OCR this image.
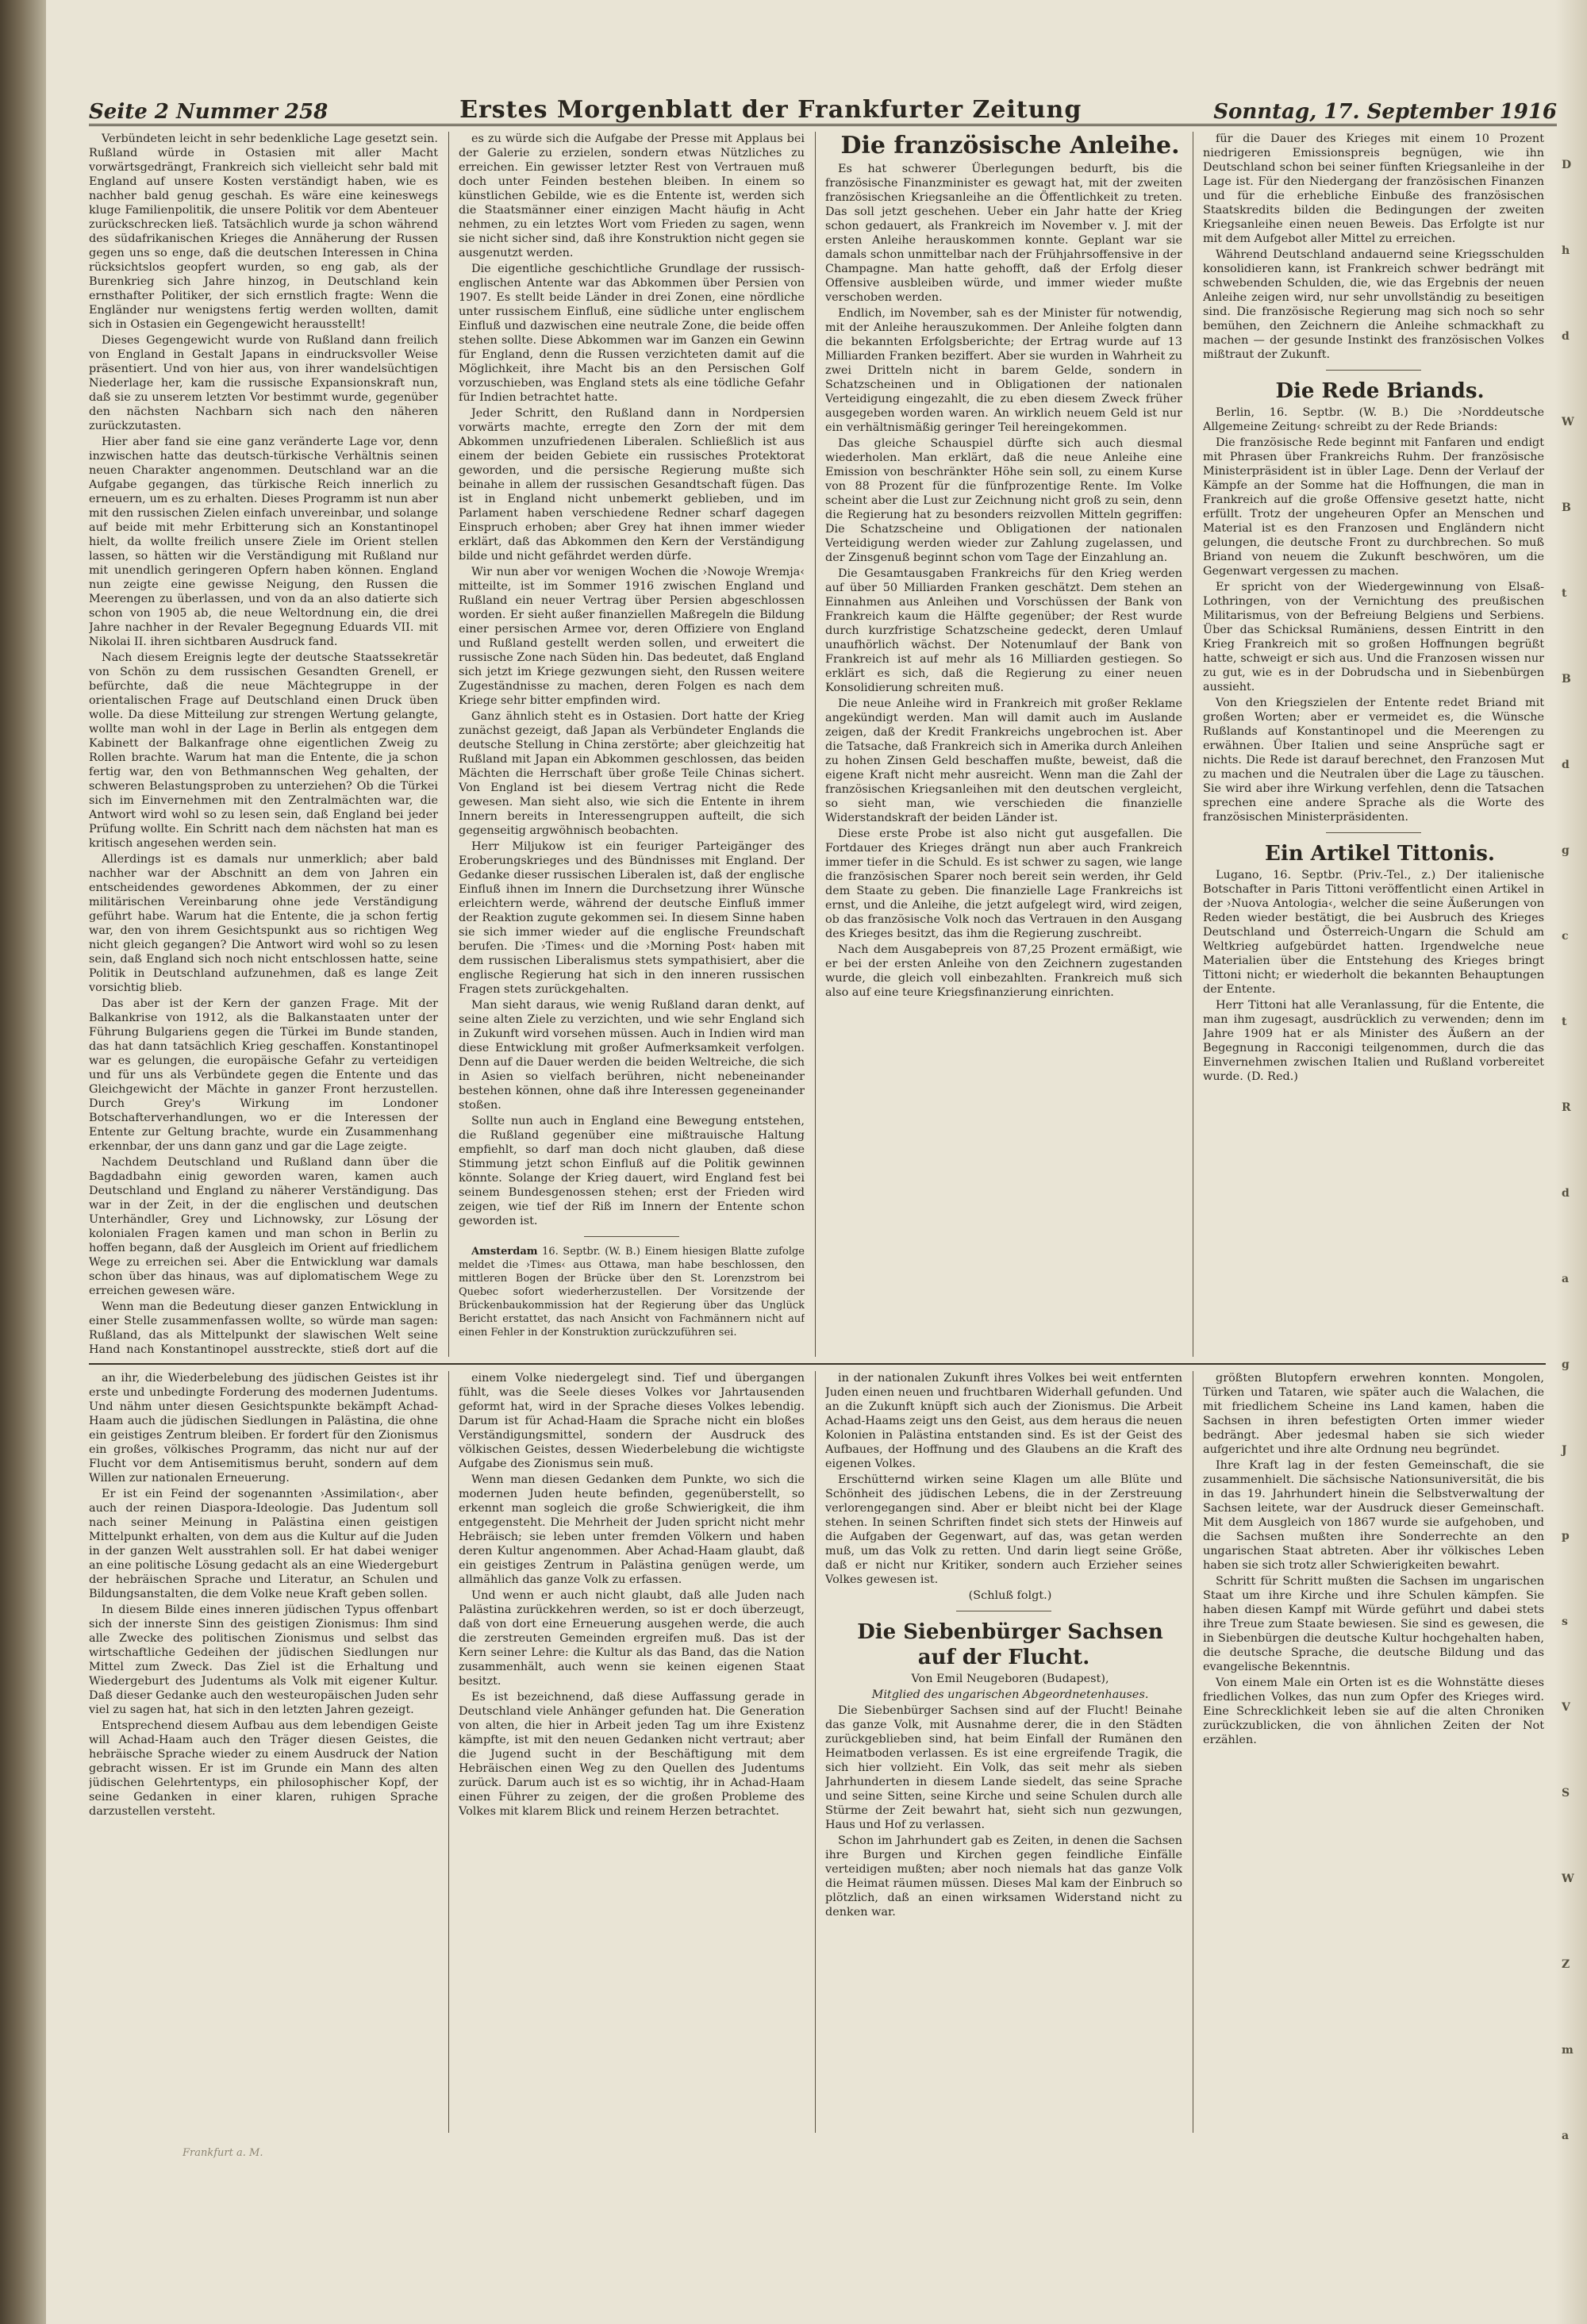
Seite 2 Nummer 258	Erstes Morgenblatt der Frankfurter Zeitung	Sonntag, 17. September 1916

Verbündeten leicht in sehr bedenkliche Lage gesetzt sein. Rußland würde in Ostasien mit aller Macht vorwärtsgedrängt, Frankreich sich vielleicht sehr bald mit England auf unsere Kosten verständigt haben, wie es nachher bald genug geschah. Es wäre eine keineswegs kluge Familienpolitik, die unsere Politik vor dem Abenteuer zurückschrecken ließ. Tatsächlich wurde ja schon während des südafrikanischen Krieges die Annäherung der Russen gegen uns so enge, daß die deutschen Interessen in China rücksichtslos geopfert wurden, so eng gab, als der Burenkrieg sich Jahre hinzog, in Deutschland kein ernsthafter Politiker, der sich ernstlich fragte: Wenn die Engländer nur wenigstens fertig werden wollten, damit sich in Ostasien ein Gegengewicht herausstellt!

Dieses Gegengewicht wurde von Rußland dann freilich von England in Gestalt Japans in eindrucksvoller Weise präsentiert. Und von hier aus, von ihrer wandelsüchtigen Niederlage her, kam die russische Expansionskraft nun, daß sie zu unserem letzten Vor bestimmt wurde, gegenüber den nächsten Nachbarn sich nach den näheren zurückzutasten.

Hier aber fand sie eine ganz veränderte Lage vor, denn inzwischen hatte das deutsch-türkische Verhältnis seinen neuen Charakter angenommen. Deutschland war an die Aufgabe gegangen, das türkische Reich innerlich zu erneuern, um es zu erhalten. Dieses Programm ist nun aber mit den russischen Zielen einfach unvereinbar, und solange auf beide mit mehr Erbitterung sich an Konstantinopel hielt, da wollte freilich unsere Ziele im Orient stellen lassen, so hätten wir die Verständigung mit Rußland nur mit unendlich geringeren Opfern haben können. England nun zeigte eine gewisse Neigung, den Russen die Meerengen zu überlassen, und von da an also datierte sich schon von 1905 ab, die neue Weltordnung ein, die drei Jahre nachher in der Revaler Begegnung Eduards VII. mit Nikolai II. ihren sichtbaren Ausdruck fand.

Nach diesem Ereignis legte der deutsche Staatssekretär von Schön zu dem russischen Gesandten Grenell, er befürchte, daß die neue Mächtegruppe in der orientalischen Frage auf Deutschland einen Druck üben wolle. Da diese Mitteilung zur strengen Wertung gelangte, wollte man wohl in der Lage in Berlin als entgegen dem Kabinett der Balkanfrage ohne eigentlichen Zweig zu Rollen brachte. Warum hat man die Entente, die ja schon fertig war, den von Bethmannschen Weg gehalten, der schweren Belastungsproben zu unterziehen? Ob die Türkei sich im Einvernehmen mit den Zentralmächten war, die Antwort wird wohl so zu lesen sein, daß England bei jeder Prüfung wollte. Ein Schritt nach dem nächsten hat man es kritisch angesehen werden sein.

Allerdings ist es damals nur unmerklich; aber bald nachher war der Abschnitt an dem von Jahren ein entscheidendes gewordenes Abkommen, der zu einer militärischen Vereinbarung ohne jede Verständigung geführt habe. Warum hat die Entente, die ja schon fertig war, den von ihrem Gesichtspunkt aus so richtigen Weg nicht gleich gegangen? Die Antwort wird wohl so zu lesen sein, daß England sich noch nicht entschlossen hatte, seine Politik in Deutschland aufzunehmen, daß es lange Zeit vorsichtig blieb.

Das aber ist der Kern der ganzen Frage. Mit der Balkankrise von 1912, als die Balkanstaaten unter der Führung Bulgariens gegen die Türkei im Bunde standen, das hat dann tatsächlich Krieg geschaffen. Konstantinopel war es gelungen, die europäische Gefahr zu verteidigen und für uns als Verbündete gegen die Entente und das Gleichgewicht der Mächte in ganzer Front herzustellen. Durch Grey's Wirkung im Londoner Botschafterverhandlungen, wo er die Interessen der Entente zur Geltung brachte, wurde ein Zusammenhang erkennbar, der uns dann ganz und gar die Lage zeigte.

Nachdem Deutschland und Rußland dann über die Bagdadbahn einig geworden waren, kamen auch Deutschland und England zu näherer Verständigung. Das war in der Zeit, in der die englischen und deutschen Unterhändler, Grey und Lichnowsky, zur Lösung der kolonialen Fragen kamen und man schon in Berlin zu hoffen begann, daß der Ausgleich im Orient auf friedlichem Wege zu erreichen sei. Aber die Entwicklung war damals schon über das hinaus, was auf diplomatischem Wege zu erreichen gewesen wäre.

Wenn man die Bedeutung dieser ganzen Entwicklung in einer Stelle zusammenfassen wollte, so würde man sagen: Rußland, das als Mittelpunkt der slawischen Welt seine Hand nach Konstantinopel ausstreckte, stieß dort auf die

es zu würde sich die Aufgabe der Presse mit Applaus bei der Galerie zu erzielen, sondern etwas Nützliches zu erreichen. Ein gewisser letzter Rest von Vertrauen muß doch unter Feinden bestehen bleiben. In einem so künstlichen Gebilde, wie es die Entente ist, werden sich die Staatsmänner einer einzigen Macht häufig in Acht nehmen, zu ein letztes Wort vom Frieden zu sagen, wenn sie nicht sicher sind, daß ihre Konstruktion nicht gegen sie ausgenutzt werden.

Die eigentliche geschichtliche Grundlage der russisch-englischen Antente war das Abkommen über Persien von 1907. Es stellt beide Länder in drei Zonen, eine nördliche unter russischem Einfluß, eine südliche unter englischem Einfluß und dazwischen eine neutrale Zone, die beide offen stehen sollte. Diese Abkommen war im Ganzen ein Gewinn für England, denn die Russen verzichteten damit auf die Möglichkeit, ihre Macht bis an den Persischen Golf vorzuschieben, was England stets als eine tödliche Gefahr für Indien betrachtet hatte.

Jeder Schritt, den Rußland dann in Nordpersien vorwärts machte, erregte den Zorn der mit dem Abkommen unzufriedenen Liberalen. Schließlich ist aus einem der beiden Gebiete ein russisches Protektorat geworden, und die persische Regierung mußte sich beinahe in allem der russischen Gesandtschaft fügen. Das ist in England nicht unbemerkt geblieben, und im Parlament haben verschiedene Redner scharf dagegen Einspruch erhoben; aber Grey hat ihnen immer wieder erklärt, daß das Abkommen den Kern der Verständigung bilde und nicht gefährdet werden dürfe.

Wir nun aber vor wenigen Wochen die ›Nowoje Wremja‹ mitteilte, ist im Sommer 1916 zwischen England und Rußland ein neuer Vertrag über Persien abgeschlossen worden. Er sieht außer finanziellen Maßregeln die Bildung einer persischen Armee vor, deren Offiziere von England und Rußland gestellt werden sollen, und erweitert die russische Zone nach Süden hin. Das bedeutet, daß England sich jetzt im Kriege gezwungen sieht, den Russen weitere Zugeständnisse zu machen, deren Folgen es nach dem Kriege sehr bitter empfinden wird.

Ganz ähnlich steht es in Ostasien. Dort hatte der Krieg zunächst gezeigt, daß Japan als Verbündeter Englands die deutsche Stellung in China zerstörte; aber gleichzeitig hat Rußland mit Japan ein Abkommen geschlossen, das beiden Mächten die Herrschaft über große Teile Chinas sichert. Von England ist bei diesem Vertrag nicht die Rede gewesen. Man sieht also, wie sich die Entente in ihrem Innern bereits in Interessengruppen aufteilt, die sich gegenseitig argwöhnisch beobachten.

Herr Miljukow ist ein feuriger Parteigänger des Eroberungskrieges und des Bündnisses mit England. Der Gedanke dieser russischen Liberalen ist, daß der englische Einfluß ihnen im Innern die Durchsetzung ihrer Wünsche erleichtern werde, während der deutsche Einfluß immer der Reaktion zugute gekommen sei. In diesem Sinne haben sie sich immer wieder auf die englische Freundschaft berufen. Die ›Times‹ und die ›Morning Post‹ haben mit dem russischen Liberalismus stets sympathisiert, aber die englische Regierung hat sich in den inneren russischen Fragen stets zurückgehalten.

Man sieht daraus, wie wenig Rußland daran denkt, auf seine alten Ziele zu verzichten, und wie sehr England sich in Zukunft wird vorsehen müssen. Auch in Indien wird man diese Entwicklung mit großer Aufmerksamkeit verfolgen. Denn auf die Dauer werden die beiden Weltreiche, die sich in Asien so vielfach berühren, nicht nebeneinander bestehen können, ohne daß ihre Interessen gegeneinander stoßen.

Sollte nun auch in England eine Bewegung entstehen, die Rußland gegenüber eine mißtrauische Haltung empfiehlt, so darf man doch nicht glauben, daß diese Stimmung jetzt schon Einfluß auf die Politik gewinnen könnte. Solange der Krieg dauert, wird England fest bei seinem Bundesgenossen stehen; erst der Frieden wird zeigen, wie tief der Riß im Innern der Entente schon geworden ist.

Amsterdam 16. Septbr. (W. B.) Einem hiesigen Blatte zufolge meldet die ›Times‹ aus Ottawa, man habe beschlossen, den mittleren Bogen der Brücke über den St. Lorenzstrom bei Quebec sofort wiederherzustellen. Der Vorsitzende der Brückenbaukommission hat der Regierung über das Unglück Bericht erstattet, das nach Ansicht von Fachmännern nicht auf einen Fehler in der Konstruktion zurückzuführen sei.

Die französische Anleihe.

Es hat schwerer Überlegungen bedurft, bis die französische Finanzminister es gewagt hat, mit der zweiten französischen Kriegsanleihe an die Öffentlichkeit zu treten. Das soll jetzt geschehen. Ueber ein Jahr hatte der Krieg schon gedauert, als Frankreich im November v. J. mit der ersten Anleihe herauskommen konnte. Geplant war sie damals schon unmittelbar nach der Frühjahrsoffensive in der Champagne. Man hatte gehofft, daß der Erfolg dieser Offensive ausbleiben würde, und immer wieder mußte verschoben werden.

Endlich, im November, sah es der Minister für notwendig, mit der Anleihe herauszukommen. Der Anleihe folgten dann die bekannten Erfolgsberichte; der Ertrag wurde auf 13 Milliarden Franken beziffert. Aber sie wurden in Wahrheit zu zwei Dritteln nicht in barem Gelde, sondern in Schatzscheinen und in Obligationen der nationalen Verteidigung eingezahlt, die zu eben diesem Zweck früher ausgegeben worden waren. An wirklich neuem Geld ist nur ein verhältnismäßig geringer Teil hereingekommen.

Das gleiche Schauspiel dürfte sich auch diesmal wiederholen. Man erklärt, daß die neue Anleihe eine Emission von beschränkter Höhe sein soll, zu einem Kurse von 88 Prozent für die fünfprozentige Rente. Im Volke scheint aber die Lust zur Zeichnung nicht groß zu sein, denn die Regierung hat zu besonders reizvollen Mitteln gegriffen: Die Schatzscheine und Obligationen der nationalen Verteidigung werden wieder zur Zahlung zugelassen, und der Zinsgenuß beginnt schon vom Tage der Einzahlung an.

Die Gesamtausgaben Frankreichs für den Krieg werden auf über 50 Milliarden Franken geschätzt. Dem stehen an Einnahmen aus Anleihen und Vorschüssen der Bank von Frankreich kaum die Hälfte gegenüber; der Rest wurde durch kurzfristige Schatzscheine gedeckt, deren Umlauf unaufhörlich wächst. Der Notenumlauf der Bank von Frankreich ist auf mehr als 16 Milliarden gestiegen. So erklärt es sich, daß die Regierung zu einer neuen Konsolidierung schreiten muß.

Die neue Anleihe wird in Frankreich mit großer Reklame angekündigt werden. Man will damit auch im Auslande zeigen, daß der Kredit Frankreichs ungebrochen ist. Aber die Tatsache, daß Frankreich sich in Amerika durch Anleihen zu hohen Zinsen Geld beschaffen mußte, beweist, daß die eigene Kraft nicht mehr ausreicht. Wenn man die Zahl der französischen Kriegsanleihen mit den deutschen vergleicht, so sieht man, wie verschieden die finanzielle Widerstandskraft der beiden Länder ist.

Diese erste Probe ist also nicht gut ausgefallen. Die Fortdauer des Krieges drängt nun aber auch Frankreich immer tiefer in die Schuld. Es ist schwer zu sagen, wie lange die französischen Sparer noch bereit sein werden, ihr Geld dem Staate zu geben. Die finanzielle Lage Frankreichs ist ernst, und die Anleihe, die jetzt aufgelegt wird, wird zeigen, ob das französische Volk noch das Vertrauen in den Ausgang des Krieges besitzt, das ihm die Regierung zuschreibt.

Nach dem Ausgabepreis von 87,25 Prozent ermäßigt, wie er bei der ersten Anleihe von den Zeichnern zugestanden wurde, die gleich voll einbezahlten. Frankreich muß sich also auf eine teure Kriegsfinanzierung einrichten.

für die Dauer des Krieges mit einem 10 Prozent niedrigeren Emissionspreis begnügen, wie ihn Deutschland schon bei seiner fünften Kriegsanleihe in der Lage ist. Für den Niedergang der französischen Finanzen und für die erhebliche Einbuße des französischen Staatskredits bilden die Bedingungen der zweiten Kriegsanleihe einen neuen Beweis. Das Erfolgte ist nur mit dem Aufgebot aller Mittel zu erreichen.

Während Deutschland andauernd seine Kriegsschulden konsolidieren kann, ist Frankreich schwer bedrängt mit schwebenden Schulden, die, wie das Ergebnis der neuen Anleihe zeigen wird, nur sehr unvollständig zu beseitigen sind. Die französische Regierung mag sich noch so sehr bemühen, den Zeichnern die Anleihe schmackhaft zu machen — der gesunde Instinkt des französischen Volkes mißtraut der Zukunft.

Die Rede Briands.

Berlin, 16. Septbr. (W. B.) Die ›Norddeutsche Allgemeine Zeitung‹ schreibt zu der Rede Briands:

Die französische Rede beginnt mit Fanfaren und endigt mit Phrasen über Frankreichs Ruhm. Der französische Ministerpräsident ist in übler Lage. Denn der Verlauf der Kämpfe an der Somme hat die Hoffnungen, die man in Frankreich auf die große Offensive gesetzt hatte, nicht erfüllt. Trotz der ungeheuren Opfer an Menschen und Material ist es den Franzosen und Engländern nicht gelungen, die deutsche Front zu durchbrechen. So muß Briand von neuem die Zukunft beschwören, um die Gegenwart vergessen zu machen.

Er spricht von der Wiedergewinnung von Elsaß-Lothringen, von der Vernichtung des preußischen Militarismus, von der Befreiung Belgiens und Serbiens. Über das Schicksal Rumäniens, dessen Eintritt in den Krieg Frankreich mit so großen Hoffnungen begrüßt hatte, schweigt er sich aus. Und die Franzosen wissen nur zu gut, wie es in der Dobrudscha und in Siebenbürgen aussieht.

Von den Kriegszielen der Entente redet Briand mit großen Worten; aber er vermeidet es, die Wünsche Rußlands auf Konstantinopel und die Meerengen zu erwähnen. Über Italien und seine Ansprüche sagt er nichts. Die Rede ist darauf berechnet, den Franzosen Mut zu machen und die Neutralen über die Lage zu täuschen. Sie wird aber ihre Wirkung verfehlen, denn die Tatsachen sprechen eine andere Sprache als die Worte des französischen Ministerpräsidenten.

Ein Artikel Tittonis.

Lugano, 16. Septbr. (Priv.-Tel., z.) Der italienische Botschafter in Paris Tittoni veröffentlicht einen Artikel in der ›Nuova Antologia‹, welcher die seine Äußerungen von Reden wieder bestätigt, die bei Ausbruch des Krieges Deutschland und Österreich-Ungarn die Schuld am Weltkrieg aufgebürdet hatten. Irgendwelche neue Materialien über die Entstehung des Krieges bringt Tittoni nicht; er wiederholt die bekannten Behauptungen der Entente.

Herr Tittoni hat alle Veranlassung, für die Entente, die man ihm zugesagt, ausdrücklich zu verwenden; denn im Jahre 1909 hat er als Minister des Äußern an der Begegnung in Racconigi teilgenommen, durch die das Einvernehmen zwischen Italien und Rußland vorbereitet wurde. (D. Red.)

an ihr, die Wiederbelebung des jüdischen Geistes ist ihr erste und unbedingte Forderung des modernen Judentums. Und nähm unter diesen Gesichtspunkte bekämpft Achad-Haam auch die jüdischen Siedlungen in Palästina, die ohne ein geistiges Zentrum bleiben. Er fordert für den Zionismus ein großes, völkisches Programm, das nicht nur auf der Flucht vor dem Antisemitismus beruht, sondern auf dem Willen zur nationalen Erneuerung.

Er ist ein Feind der sogenannten ›Assimilation‹, aber auch der reinen Diaspora-Ideologie. Das Judentum soll nach seiner Meinung in Palästina einen geistigen Mittelpunkt erhalten, von dem aus die Kultur auf die Juden in der ganzen Welt ausstrahlen soll. Er hat dabei weniger an eine politische Lösung gedacht als an eine Wiedergeburt der hebräischen Sprache und Literatur, an Schulen und Bildungsanstalten, die dem Volke neue Kraft geben sollen.

In diesem Bilde eines inneren jüdischen Typus offenbart sich der innerste Sinn des geistigen Zionismus: Ihm sind alle Zwecke des politischen Zionismus und selbst das wirtschaftliche Gedeihen der jüdischen Siedlungen nur Mittel zum Zweck. Das Ziel ist die Erhaltung und Wiedergeburt des Judentums als Volk mit eigener Kultur. Daß dieser Gedanke auch den westeuropäischen Juden sehr viel zu sagen hat, hat sich in den letzten Jahren gezeigt.

Entsprechend diesem Aufbau aus dem lebendigen Geiste will Achad-Haam auch den Träger diesen Geistes, die hebräische Sprache wieder zu einem Ausdruck der Nation gebracht wissen. Er ist im Grunde ein Mann des alten jüdischen Gelehrtentyps, ein philosophischer Kopf, der seine Gedanken in einer klaren, ruhigen Sprache darzustellen versteht.

einem Volke niedergelegt sind. Tief und übergangen fühlt, was die Seele dieses Volkes vor Jahrtausenden geformt hat, wird in der Sprache dieses Volkes lebendig. Darum ist für Achad-Haam die Sprache nicht ein bloßes Verständigungsmittel, sondern der Ausdruck des völkischen Geistes, dessen Wiederbelebung die wichtigste Aufgabe des Zionismus sein muß.

Wenn man diesen Gedanken dem Punkte, wo sich die modernen Juden heute befinden, gegenüberstellt, so erkennt man sogleich die große Schwierigkeit, die ihm entgegensteht. Die Mehrheit der Juden spricht nicht mehr Hebräisch; sie leben unter fremden Völkern und haben deren Kultur angenommen. Aber Achad-Haam glaubt, daß ein geistiges Zentrum in Palästina genügen werde, um allmählich das ganze Volk zu erfassen.

Und wenn er auch nicht glaubt, daß alle Juden nach Palästina zurückkehren werden, so ist er doch überzeugt, daß von dort eine Erneuerung ausgehen werde, die auch die zerstreuten Gemeinden ergreifen muß. Das ist der Kern seiner Lehre: die Kultur als das Band, das die Nation zusammenhält, auch wenn sie keinen eigenen Staat besitzt.

Es ist bezeichnend, daß diese Auffassung gerade in Deutschland viele Anhänger gefunden hat. Die Generation von alten, die hier in Arbeit jeden Tag um ihre Existenz kämpfte, ist mit den neuen Gedanken nicht vertraut; aber die Jugend sucht in der Beschäftigung mit dem Hebräischen einen Weg zu den Quellen des Judentums zurück. Darum auch ist es so wichtig, ihr in Achad-Haam einen Führer zu zeigen, der die großen Probleme des Volkes mit klarem Blick und reinem Herzen betrachtet.

in der nationalen Zukunft ihres Volkes bei weit entfernten Juden einen neuen und fruchtbaren Widerhall gefunden. Und an die Zukunft knüpft sich auch der Zionismus. Die Arbeit Achad-Haams zeigt uns den Geist, aus dem heraus die neuen Kolonien in Palästina entstanden sind. Es ist der Geist des Aufbaues, der Hoffnung und des Glaubens an die Kraft des eigenen Volkes.

Erschütternd wirken seine Klagen um alle Blüte und Schönheit des jüdischen Lebens, die in der Zerstreuung verlorengegangen sind. Aber er bleibt nicht bei der Klage stehen. In seinen Schriften findet sich stets der Hinweis auf die Aufgaben der Gegenwart, auf das, was getan werden muß, um das Volk zu retten. Und darin liegt seine Größe, daß er nicht nur Kritiker, sondern auch Erzieher seines Volkes gewesen ist.

(Schluß folgt.)

Die Siebenbürger Sachsen auf der Flucht.

Von Emil Neugeboren (Budapest),

Mitglied des ungarischen Abgeordnetenhauses.

Die Siebenbürger Sachsen sind auf der Flucht! Beinahe das ganze Volk, mit Ausnahme derer, die in den Städten zurückgeblieben sind, hat beim Einfall der Rumänen den Heimatboden verlassen. Es ist eine ergreifende Tragik, die sich hier vollzieht. Ein Volk, das seit mehr als sieben Jahrhunderten in diesem Lande siedelt, das seine Sprache und seine Sitten, seine Kirche und seine Schulen durch alle Stürme der Zeit bewahrt hat, sieht sich nun gezwungen, Haus und Hof zu verlassen.

Schon im Jahrhundert gab es Zeiten, in denen die Sachsen ihre Burgen und Kirchen gegen feindliche Einfälle verteidigen mußten; aber noch niemals hat das ganze Volk die Heimat räumen müssen. Dieses Mal kam der Einbruch so plötzlich, daß an einen wirksamen Widerstand nicht zu denken war.

größten Blutopfern erwehren konnten. Mongolen, Türken und Tataren, wie später auch die Walachen, die mit friedlichem Scheine ins Land kamen, haben die Sachsen in ihren befestigten Orten immer wieder bedrängt. Aber jedesmal haben sie sich wieder aufgerichtet und ihre alte Ordnung neu begründet.

Ihre Kraft lag in der festen Gemeinschaft, die sie zusammenhielt. Die sächsische Nationsuniversität, die bis in das 19. Jahrhundert hinein die Selbstverwaltung der Sachsen leitete, war der Ausdruck dieser Gemeinschaft. Mit dem Ausgleich von 1867 wurde sie aufgehoben, und die Sachsen mußten ihre Sonderrechte an den ungarischen Staat abtreten. Aber ihr völkisches Leben haben sie sich trotz aller Schwierigkeiten bewahrt.

Schritt für Schritt mußten die Sachsen im ungarischen Staat um ihre Kirche und ihre Schulen kämpfen. Sie haben diesen Kampf mit Würde geführt und dabei stets ihre Treue zum Staate bewiesen. Sie sind es gewesen, die in Siebenbürgen die deutsche Kultur hochgehalten haben, die deutsche Sprache, die deutsche Bildung und das evangelische Bekenntnis.

Von einem Male ein Orten ist es die Wohnstätte dieses friedlichen Volkes, das nun zum Opfer des Krieges wird. Eine Schrecklichkeit leben sie auf die alten Chroniken zurückzublicken, die von ähnlichen Zeiten der Not erzählen.

Frankfurt a. M.
D
h
d
W
B
t
B
d
g
c
t
R
d
a
g
J
p
s
V
S
W
Z
m
a
